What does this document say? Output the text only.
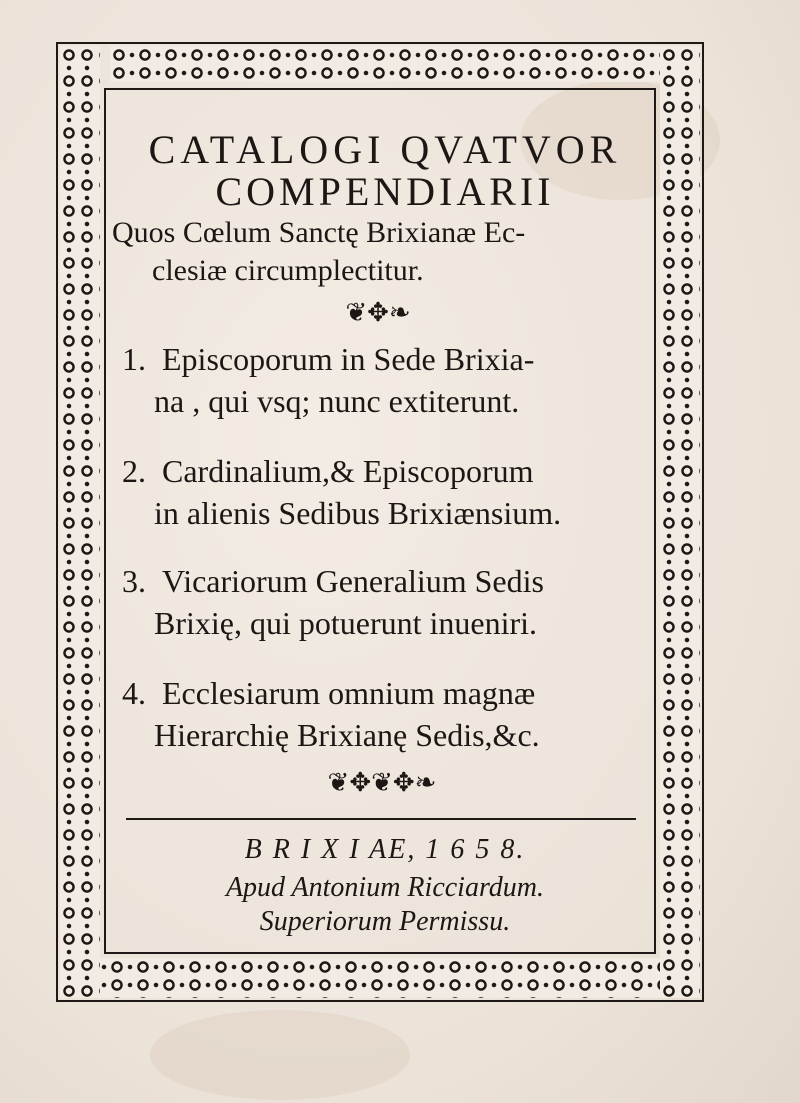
CATALOGI QVATVOR
COMPENDIARII
Quos Cœlum Sanctę Brixianæ Ec-
clesiæ circumplectitur.
❦✥❧
1. Episcoporum in Sede Brixia-
na , qui vsq; nunc extiterunt.
2. Cardinalium,& Episcoporum
in alienis Sedibus Brixiænsium.
3. Vicariorum Generalium Sedis
Brixię, qui potuerunt inueniri.
4. Ecclesiarum omnium magnæ
Hierarchię Brixianę Sedis,&c.
❦✥❦✥❧
B R I X I AE, 1 6 5 8.
Apud Antonium Ricciardum.
Superiorum Permissu.
